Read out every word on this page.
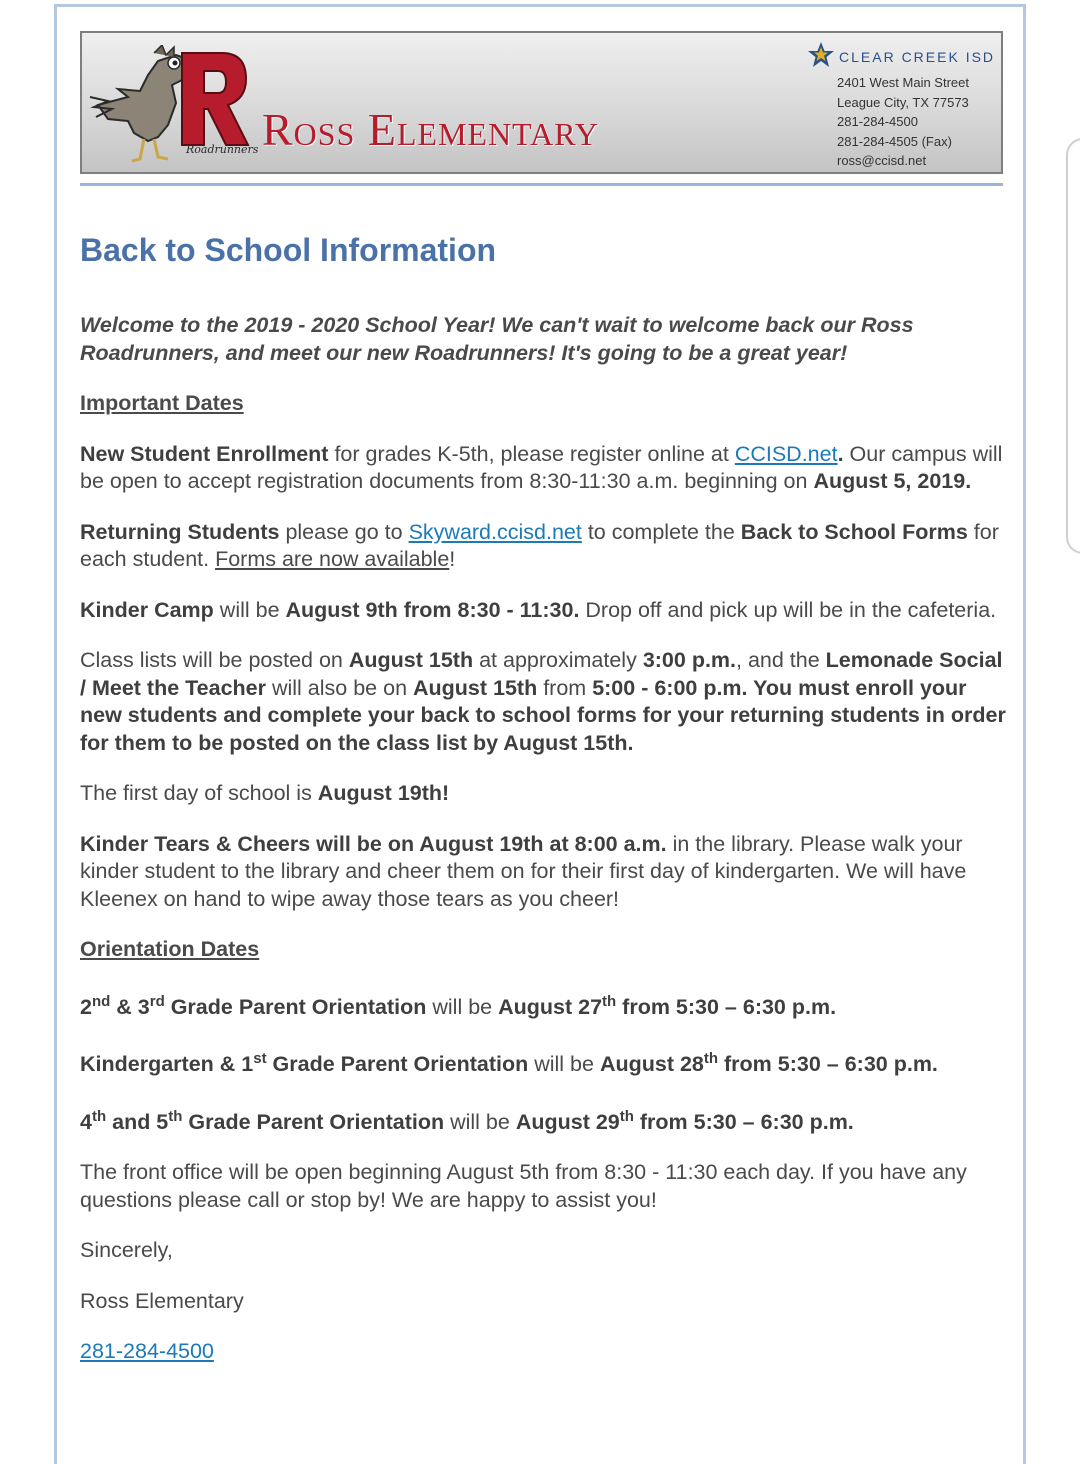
Roadrunners Ross Elementary
CLEAR CREEK ISD
2401 West Main Street
League City, TX 77573
281-284-4500
281-284-4505 (Fax)
ross@ccisd.net
Back to School Information

Welcome to the 2019 - 2020 School Year! We can't wait to welcome back our Ross Roadrunners, and meet our new Roadrunners! It's going to be a great year!

Important Dates

New Student Enrollment for grades K-5th, please register online at CCISD.net. Our campus will be open to accept registration documents from 8:30-11:30 a.m. beginning on August 5, 2019.

Returning Students please go to Skyward.ccisd.net to complete the Back to School Forms for each student. Forms are now available!

Kinder Camp will be August 9th from 8:30 - 11:30. Drop off and pick up will be in the cafeteria.

Class lists will be posted on August 15th at approximately 3:00 p.m., and the Lemonade Social / Meet the Teacher will also be on August 15th from 5:00 - 6:00 p.m. You must enroll your new students and complete your back to school forms for your returning students in order for them to be posted on the class list by August 15th.

The first day of school is August 19th!

Kinder Tears & Cheers will be on August 19th at 8:00 a.m. in the library. Please walk your kinder student to the library and cheer them on for their first day of kindergarten. We will have Kleenex on hand to wipe away those tears as you cheer!

Orientation Dates

2nd & 3rd Grade Parent Orientation will be August 27th from 5:30 – 6:30 p.m.

Kindergarten & 1st Grade Parent Orientation will be August 28th from 5:30 – 6:30 p.m.

4th and 5th Grade Parent Orientation will be August 29th from 5:30 – 6:30 p.m.

The front office will be open beginning August 5th from 8:30 - 11:30 each day. If you have any questions please call or stop by! We are happy to assist you!

Sincerely,

Ross Elementary

281-284-4500
